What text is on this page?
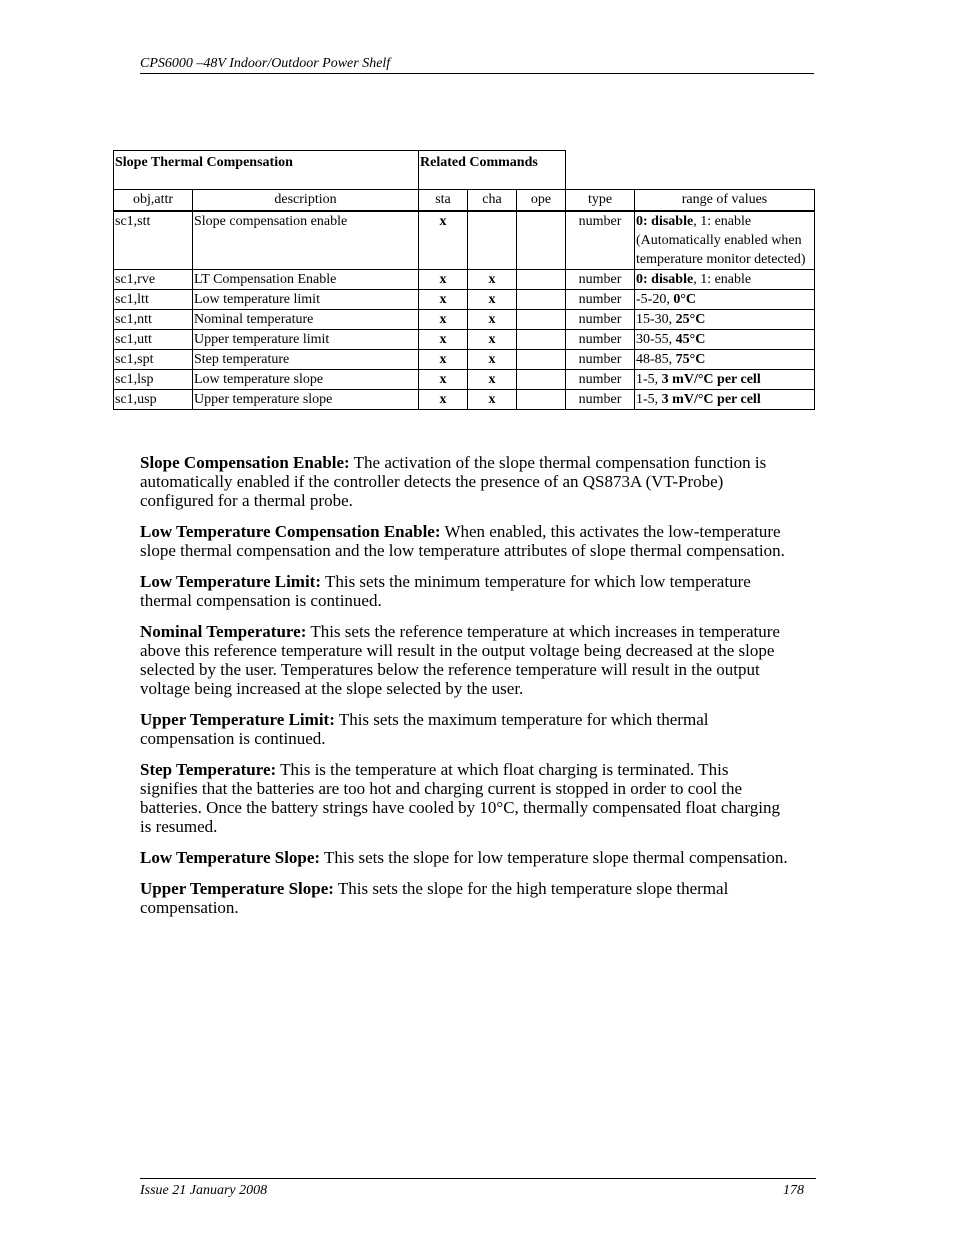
CPS6000 –48V Indoor/Outdoor Power Shelf
Slope Thermal Compensation		Related Commands				
obj,attr	description	sta	cha	ope	type	range of values
sc1,stt	Slope compensation enable	x			number	0: disable, 1: enable
(Automatically enabled when temperature monitor detected)

sc1,rve	LT Compensation Enable	x	x		number	0: disable, 1: enable
sc1,ltt	Low temperature limit	x	x		number	-5-20, 0°C
sc1,ntt	Nominal temperature	x	x		number	15-30, 25°C
sc1,utt	Upper temperature limit	x	x		number	30-55, 45°C
sc1,spt	Step temperature	x	x		number	48-85, 75°C
sc1,lsp	Low temperature slope	x	x		number	1-5, 3 mV/°C per cell
sc1,usp	Upper temperature slope	x	x		number	1-5, 3 mV/°C per cell

Slope Compensation Enable: The activation of the slope thermal compensation function is automatically enabled if the controller detects the presence of an QS873A (VT-Probe) configured for a thermal probe.

Low Temperature Compensation Enable: When enabled, this activates the low-temperature slope thermal compensation and the low temperature attributes of slope thermal compensation.

Low Temperature Limit: This sets the minimum temperature for which low temperature thermal compensation is continued.

Nominal Temperature: This sets the reference temperature at which increases in temperature above this reference temperature will result in the output voltage being decreased at the slope selected by the user. Temperatures below the reference temperature will result in the output voltage being increased at the slope selected by the user.

Upper Temperature Limit: This sets the maximum temperature for which thermal compensation is continued.

Step Temperature: This is the temperature at which float charging is terminated. This signifies that the batteries are too hot and charging current is stopped in order to cool the batteries. Once the battery strings have cooled by 10°C, thermally compensated float charging is resumed.

Low Temperature Slope: This sets the slope for low temperature slope thermal compensation.

Upper Temperature Slope: This sets the slope for the high temperature slope thermal compensation.

Issue 21 January 2008	178
